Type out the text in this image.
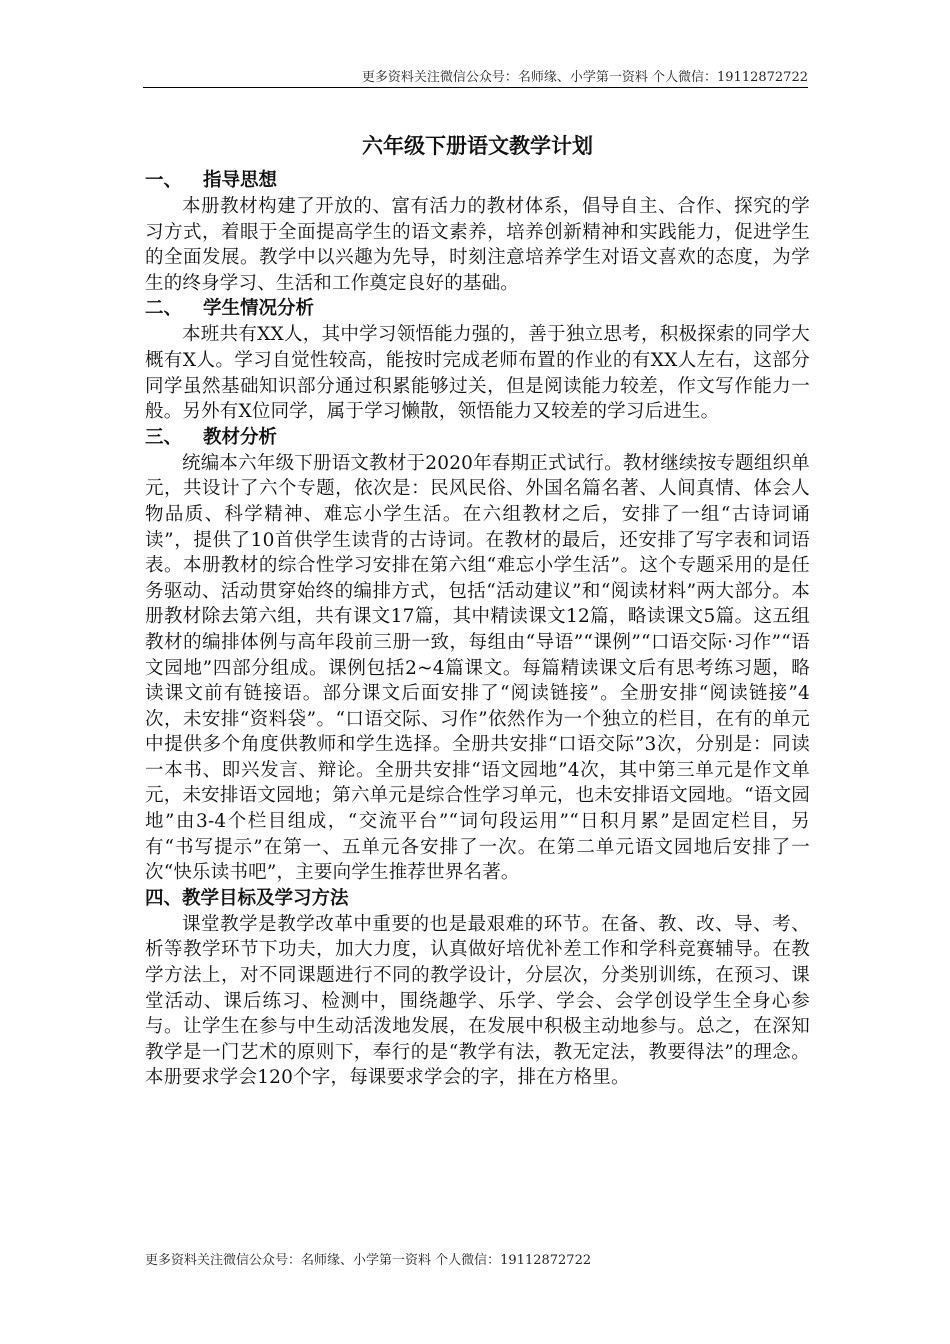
更多资料关注微信公众号：名师缘、小学第一资料 个人微信：19112872722
六年级下册语文教学计划

一、 指导思想

本册教材构建了开放的、富有活力的教材体系，倡导自主、合作、探究的学习方式，着眼于全面提高学生的语文素养，培养创新精神和实践能力，促进学生的全面发展。教学中以兴趣为先导，时刻注意培养学生对语文喜欢的态度，为学生的终身学习、生活和工作奠定良好的基础。

二、 学生情况分析

本班共有XX人，其中学习领悟能力强的，善于独立思考，积极探索的同学大概有X人。学习自觉性较高，能按时完成老师布置的作业的有XX人左右，这部分同学虽然基础知识部分通过积累能够过关，但是阅读能力较差，作文写作能力一般。另外有X位同学，属于学习懒散，领悟能力又较差的学习后进生。

三、 教材分析

统编本六年级下册语文教材于2020年春期正式试行。教材继续按专题组织单元，共设计了六个专题，依次是：民风民俗、外国名篇名著、人间真情、体会人物品质、科学精神、难忘小学生活。在六组教材之后，安排了一组“古诗词诵读”，提供了10首供学生读背的古诗词。在教材的最后，还安排了写字表和词语表。本册教材的综合性学习安排在第六组“难忘小学生活”。这个专题采用的是任务驱动、活动贯穿始终的编排方式，包括“活动建议”和“阅读材料”两大部分。本册教材除去第六组，共有课文17篇，其中精读课文12篇，略读课文5篇。这五组教材的编排体例与高年段前三册一致，每组由“导语”“课例”“口语交际·习作”“语文园地”四部分组成。课例包括2~4篇课文。每篇精读课文后有思考练习题，略读课文前有链接语。部分课文后面安排了“阅读链接”。全册安排“阅读链接”4次，未安排“资料袋”。“口语交际、习作”依然作为一个独立的栏目，在有的单元中提供多个角度供教师和学生选择。全册共安排“口语交际”3次，分别是：同读一本书、即兴发言、辩论。全册共安排“语文园地”4次，其中第三单元是作文单元，未安排语文园地；第六单元是综合性学习单元，也未安排语文园地。“语文园地”由3-4个栏目组成，“交流平台”“词句段运用”“日积月累”是固定栏目，另有“书写提示”在第一、五单元各安排了一次。在第二单元语文园地后安排了一次“快乐读书吧”，主要向学生推荐世界名著。

四、教学目标及学习方法

课堂教学是教学改革中重要的也是最艰难的环节。在备、教、改、导、考、析等教学环节下功夫，加大力度，认真做好培优补差工作和学科竞赛辅导。在教学方法上，对不同课题进行不同的教学设计，分层次，分类别训练，在预习、课堂活动、课后练习、检测中，围绕趣学、乐学、学会、会学创设学生全身心参与。让学生在参与中生动活泼地发展，在发展中积极主动地参与。总之，在深知教学是一门艺术的原则下，奉行的是“教学有法，教无定法，教要得法”的理念。本册要求学会120个字，每课要求学会的字，排在方格里。

更多资料关注微信公众号：名师缘、小学第一资料 个人微信：19112872722
